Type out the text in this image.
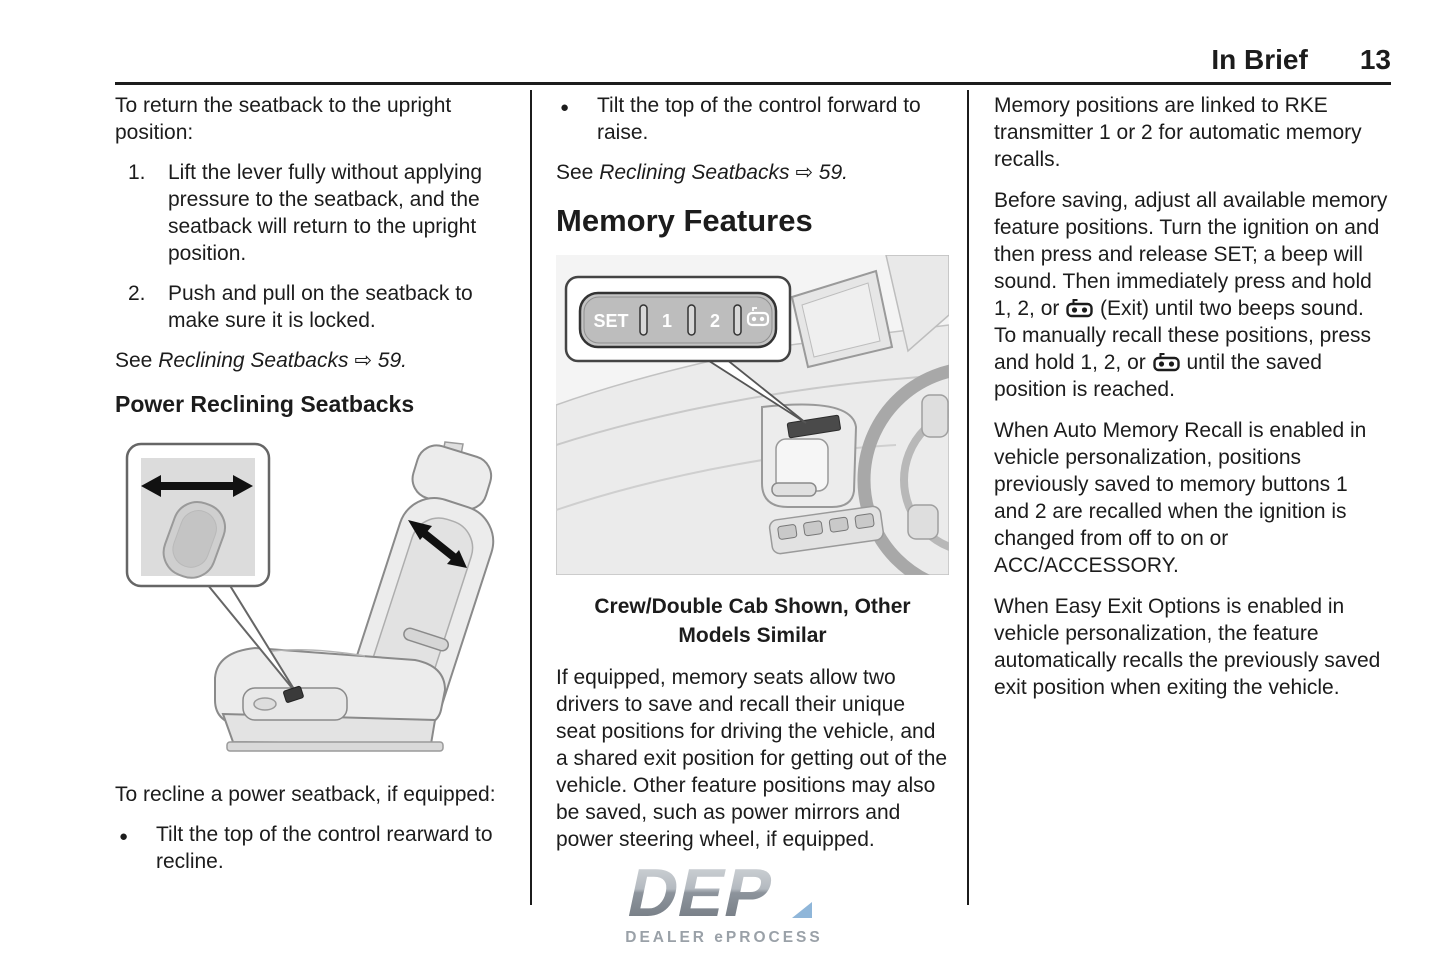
In Brief 13

To return the seatback to the upright position:

1.	Lift the lever fully without applying pressure to the seatback, and the seatback will return to the upright position.
2.	Push and pull on the seatback to make sure it is locked.

See Reclining Seatbacks ⇨ 59.

Power Reclining Seatbacks

To recline a power seatback, if equipped:

●
Tilt the top of the control rearward to recline.
●
Tilt the top of the control forward to raise.

See Reclining Seatbacks ⇨ 59.

Memory Features
SET 1 2
Crew/Double Cab Shown, Other Models Similar

If equipped, memory seats allow two drivers to save and recall their unique seat positions for driving the vehicle, and a shared exit position for getting out of the vehicle. Other feature positions may also be saved, such as power mirrors and power steering wheel, if equipped.

Memory positions are linked to RKE transmitter 1 or 2 for automatic memory recalls.

Before saving, adjust all available memory feature positions. Turn the ignition on and then press and release SET; a beep will sound. Then immediately press and hold 1, 2, or  (Exit) until two beeps sound. To manually recall these positions, press and hold 1, 2, or  until the saved position is reached.

When Auto Memory Recall is enabled in vehicle personalization, positions previously saved to memory buttons 1 and 2 are recalled when the ignition is changed from off to on or ACC/ACCESSORY.

When Easy Exit Options is enabled in vehicle personalization, the feature automatically recalls the previously saved exit position when exiting the vehicle.

DEP
DEALER ePROCESS
